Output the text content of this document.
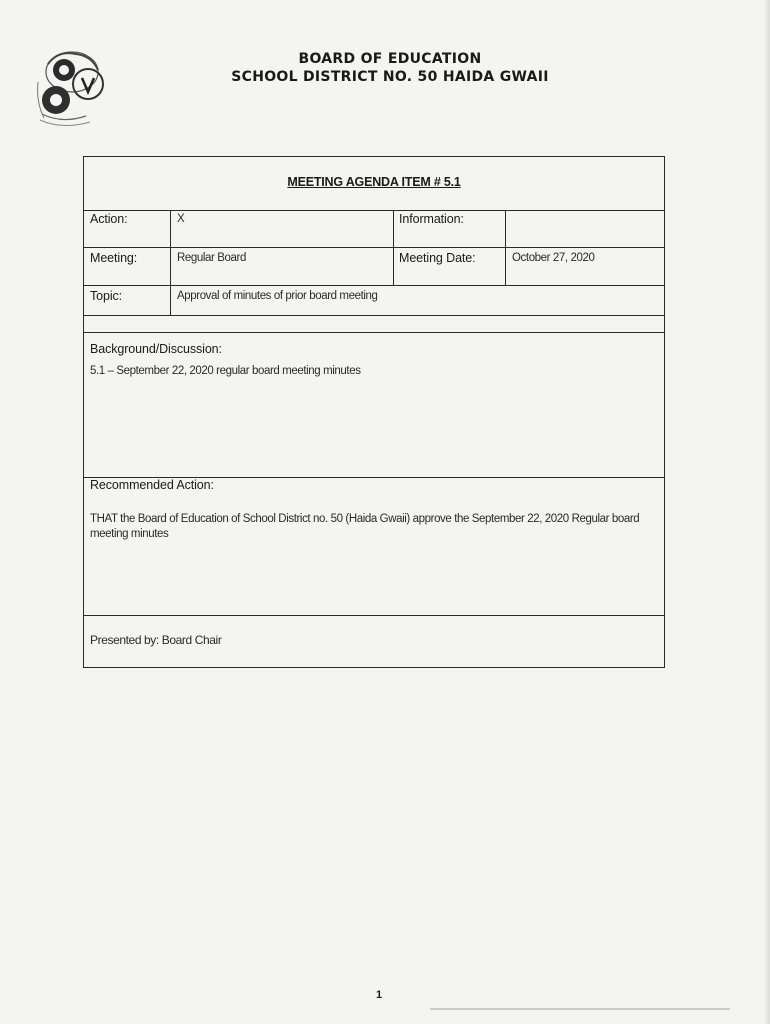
BOARD OF EDUCATION
SCHOOL DISTRICT NO. 50 HAIDA GWAII
MEETING AGENDA ITEM # 5.1
Action:	X	Information:
Meeting:	Regular Board	Meeting Date:	October 27, 2020
Topic:	Approval of minutes of prior board meeting
Background/Discussion:
5.1 – September 22, 2020 regular board meeting minutes
Recommended Action:
THAT the Board of Education of School District no. 50 (Haida Gwaii) approve the September 22, 2020 Regular board meeting minutes
Presented by: Board Chair
1
